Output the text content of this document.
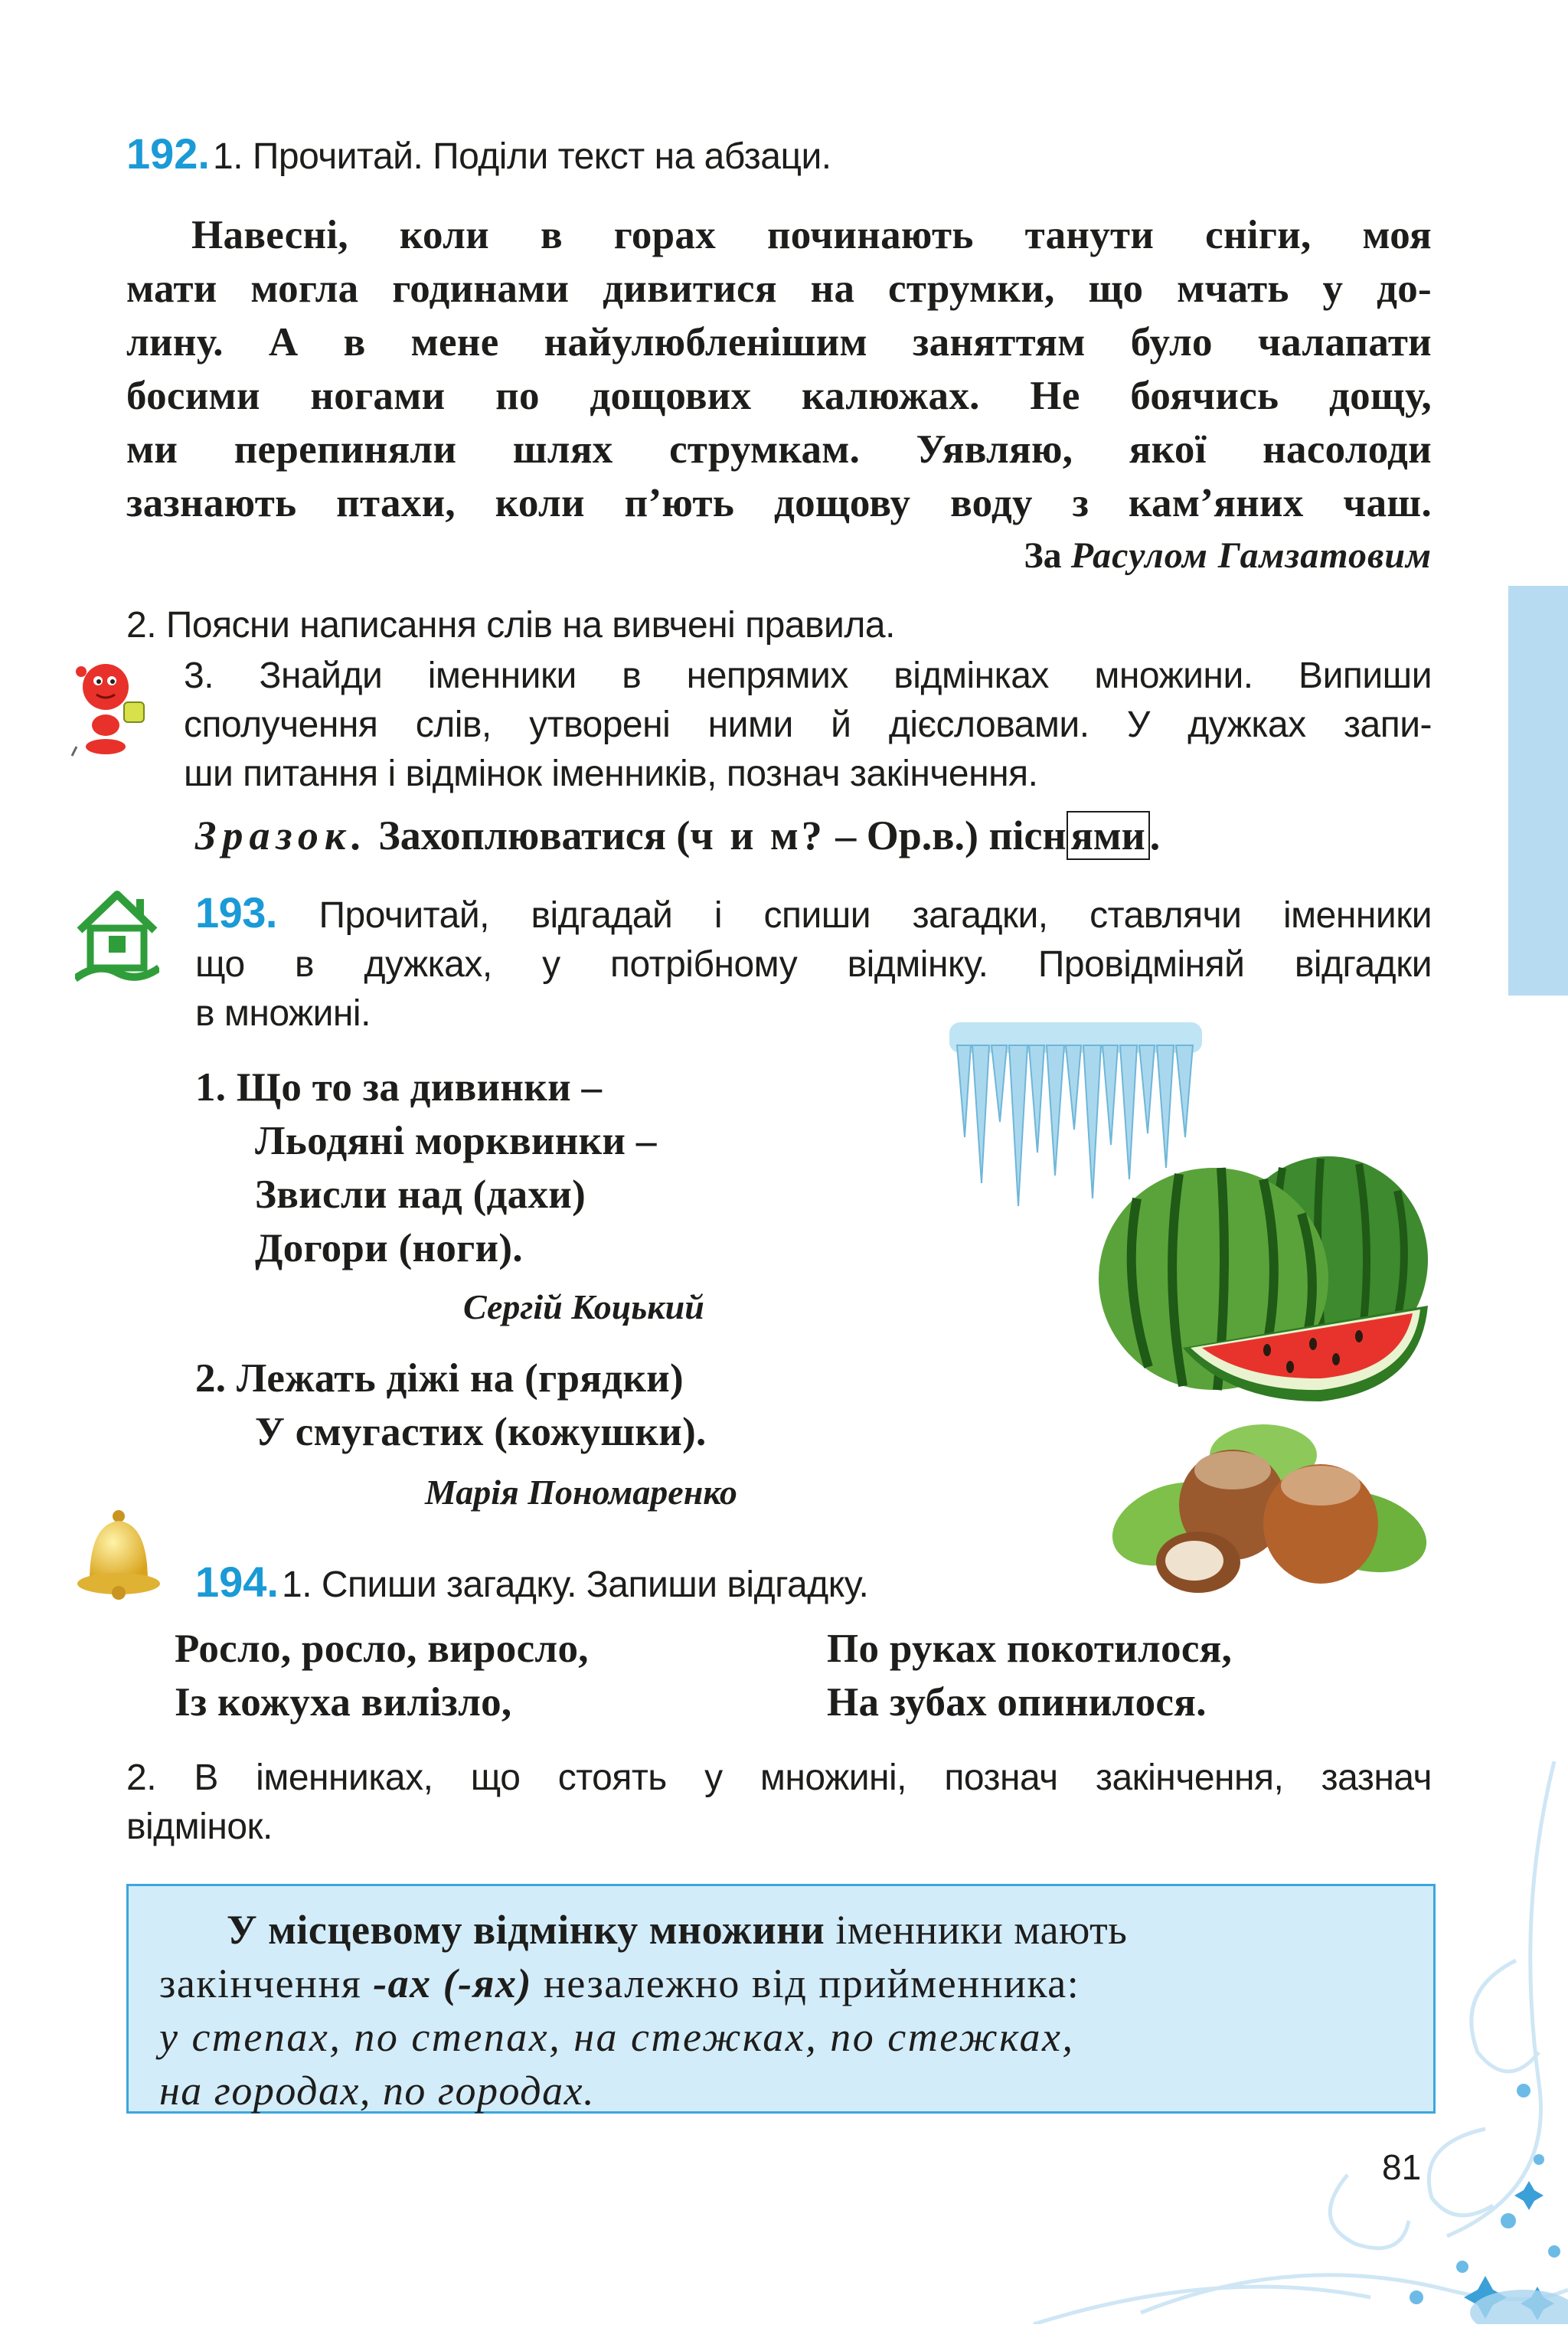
192. 1. Прочитай. Поділи текст на абзаци.
Навесні, коли в горах починають танути сніги, моя
мати могла годинами дивитися на струмки, що мчать у до-
лину. А в мене найулюбленішим заняттям було чалапати
босими ногами по дощових калюжах. Не боячись дощу,
ми перепиняли шлях струмкам. Уявляю, якої насолоди
зазнають птахи, коли п’ють дощову воду з кам’яних чаш.
За Расулом Гамзатовим
2. Поясни написання слів на вивчені правила.
3. Знайди іменники в непрямих відмінках множини. Випиши
сполучення слів, утворені ними й дієсловами. У дужках запи-
ши питання і відмінок іменників, познач закінчення.
Зразок. Захоплюватися (ч и м? – Ор.в.) пісн ями .
193. Прочитай, відгадай і спиши загадки, ставлячи іменники
що в дужках, у потрібному відмінку. Провідміняй відгадки
в множині.
1. Що то за дивинки –
Льодяні морквинки –
Звисли над (дахи)
Догори (ноги).
Сергій Коцький
2. Лежать діжі на (грядки)
У смугастих (кожушки).
Марія Пономаренко
194. 1. Спиши загадку. Запиши відгадку.
Росло, росло, виросло,
Із кожуха вилізло,
По руках покотилося,
На зубах опинилося.
2. В іменниках, що стоять у множині, познач закінчення, зазнач
відмінок.
У місцевому відмінку множини іменники мають
закінчення -ах (-ях) незалежно від прийменника:
у степах, по степах, на стежках, по стежках,
на городах, по городах.
81
